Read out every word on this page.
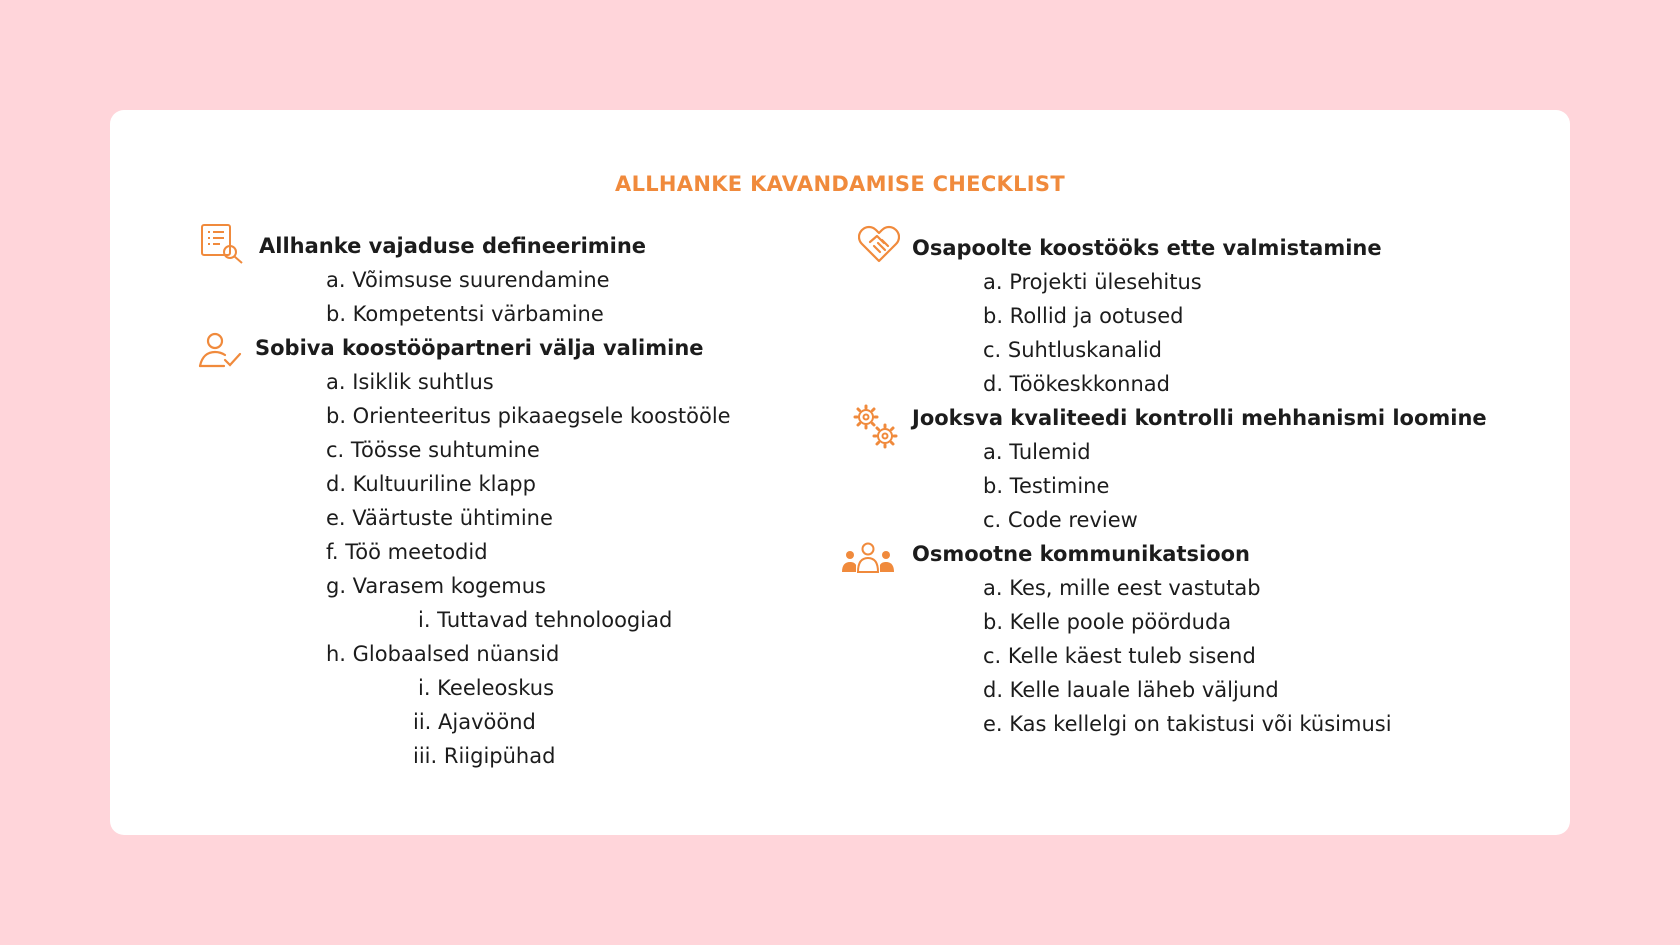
ALLHANKE KAVANDAMISE CHECKLIST
Allhanke vajaduse defineerimine
a. Võimsuse suurendamine
b. Kompetentsi värbamine
Sobiva koostööpartneri välja valimine
a. Isiklik suhtlus
b. Orienteeritus pikaaegsele koostööle
c. Töösse suhtumine
d. Kultuuriline klapp
e. Väärtuste ühtimine
f. Töö meetodid
g. Varasem kogemus
i. Tuttavad tehnoloogiad
h. Globaalsed nüansid
i. Keeleoskus
ii. Ajavöönd
iii. Riigipühad
Osapoolte koostööks ette valmistamine
a. Projekti ülesehitus
b. Rollid ja ootused
c. Suhtluskanalid
d. Töökeskkonnad
Jooksva kvaliteedi kontrolli mehhanismi loomine
a. Tulemid
b. Testimine
c. Code review
Osmootne kommunikatsioon
a. Kes, mille eest vastutab
b. Kelle poole pöörduda
c. Kelle käest tuleb sisend
d. Kelle lauale läheb väljund
e. Kas kellelgi on takistusi või küsimusi
